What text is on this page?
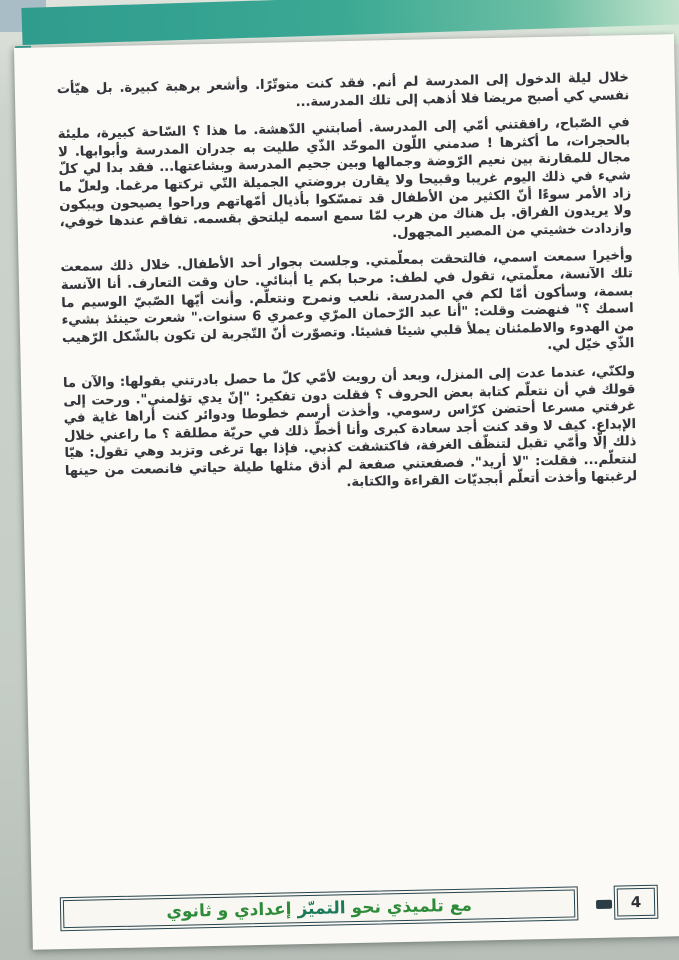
خلال ليلة الدخول إلى المدرسة لم أنم. فقد كنت متوتّرًا. وأشعر برهبة كبيرة. بل هيّأت نفسي كي أصبح مريضا فلا أذهب إلى تلك المدرسة...

في الصّباح، رافقتني أمّي إلى المدرسة. أصابتني الدّهشة. ما هذا ؟ السّاحة كبيرة، مليئة بالحجرات، ما أكثرها ! صدمني اللّون الموحّد الذّي طليت به جدران المدرسة وأبوابها. لا مجال للمقارنة بين نعيم الرّوضة وجمالها وبين جحيم المدرسة وبشاعتها... فقد بدا لي كلّ شيء في ذلك اليوم غريبا وقبيحا ولا يقارن بروضتي الجميلة التّي تركتها مرغما. ولعلّ ما زاد الأمر سوءًا أنّ الكثير من الأطفال قد تمسّكوا بأذيال أمّهاتهم وراحوا يصيحون ويبكون ولا يريدون الفراق. بل هناك من هرب لمّا سمع اسمه ليلتحق بقسمه. تفاقم عندها خوفي، وازدادت خشيتي من المصير المجهول.

وأخيرا سمعت اسمي، فالتحقت بمعلّمتي. وجلست بجوار أحد الأطفال. خلال ذلك سمعت تلك الآنسة، معلّمتي، تقول في لطف: مرحبا بكم يا أبنائي. حان وقت التعارف. أنا الآنسة بسمة، وسأكون أمّا لكم في المدرسة. نلعب ونمرح ونتعلّم. وأنت أيّها الصّبيّ الوسيم ما اسمك ؟" فنهضت وقلت: "أنا عبد الرّحمان المرّي وعمري 6 سنوات." شعرت حينئذ بشيء من الهدوء والاطمئنان يملأ قلبي شيئا فشيئا. وتصوّرت أنّ التّجربة لن تكون بالشّكل الرّهيب الذّي خيّل لي.

ولكنّي، عندما عدت إلى المنزل، وبعد أن رويت لأمّي كلّ ما حصل بادرتني بقولها: والآن ما قولك في أن نتعلّم كتابة بعض الحروف ؟ فقلت دون تفكير: "إنّ يدي تؤلمني". ورحت إلى غرفتي مسرعا أحتضن كرّاس رسومي. وأخذت أرسم خطوطا ودوائر كنت أراها غاية في الإبداع. كيف لا وقد كنت أجد سعادة كبرى وأنا أخطّ ذلك في حريّة مطلقة ؟ ما راعني خلال ذلك إلّا وأمّي تقبل لتنظّف الغرفة، فاكتشفت كذبي. فإذا بها ترغى وتزبد وهي تقول: هيّا لنتعلّم... فقلت: "لا أريد". فصفعتني صفعة لم أذق مثلها طيلة حياتي فانصعت من حينها لرغبتها وأخذت أتعلّم أبجديّات القراءة والكتابة.

مع تلميذي نحو
التميّز
إعدادي و ثانوي	4
